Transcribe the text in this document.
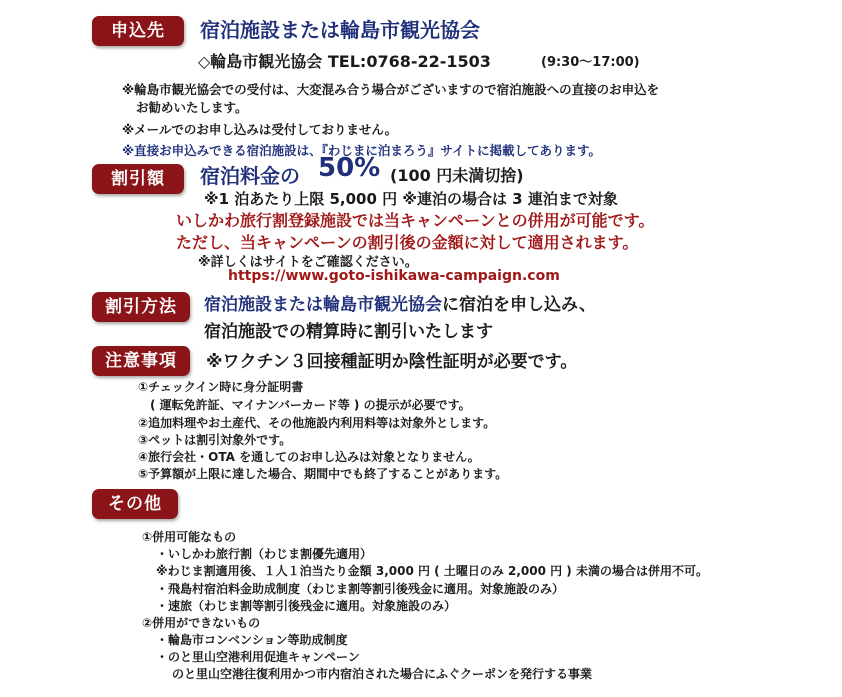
申込先	宿泊施設または輪島市観光協会
◇輪島市観光協会 TEL:0768-22-1503	(9:30〜17:00)
※輪島市観光協会での受付は、大変混み合う場合がございますので宿泊施設への直接のお申込を
お勧めいたします。
※メールでのお申し込みは受付しておりません。
※直接お申込みできる宿泊施設は、『わじまに泊まろう』サイトに掲載してあります。
割引額	宿泊料金の 50% (100 円未満切捨)
※1 泊あたり上限 5,000 円 ※連泊の場合は 3 連泊まで対象
いしかわ旅行割登録施設では当キャンペーンとの併用が可能です。
ただし、当キャンペーンの割引後の金額に対して適用されます。
※詳しくはサイトをご確認ください。
https://www.goto-ishikawa-campaign.com
割引方法	宿泊施設または輪島市観光協会に宿泊を申し込み、
宿泊施設での精算時に割引いたします
注意事項	※ワクチン３回接種証明か陰性証明が必要です。
①チェックイン時に身分証明書
( 運転免許証、マイナンバーカード等 ) の提示が必要です。
②追加料理やお土産代、その他施設内利用料等は対象外とします。
③ペットは割引対象外です。
④旅行会社・OTA を通してのお申し込みは対象となりません。
⑤予算額が上限に達した場合、期間中でも終了することがあります。
その他
①併用可能なもの
・いしかわ旅行割（わじま割優先適用）
※わじま割適用後、１人１泊当たり金額 3,000 円 ( 土曜日のみ 2,000 円 ) 未満の場合は併用不可。
・飛島村宿泊料金助成制度（わじま割等割引後残金に適用。対象施設のみ）
・速旅（わじま割等割引後残金に適用。対象施設のみ）
②併用ができないもの
・輪島市コンベンション等助成制度
・のと里山空港利用促進キャンペーン
のと里山空港往復利用かつ市内宿泊された場合にふぐクーポンを発行する事業
